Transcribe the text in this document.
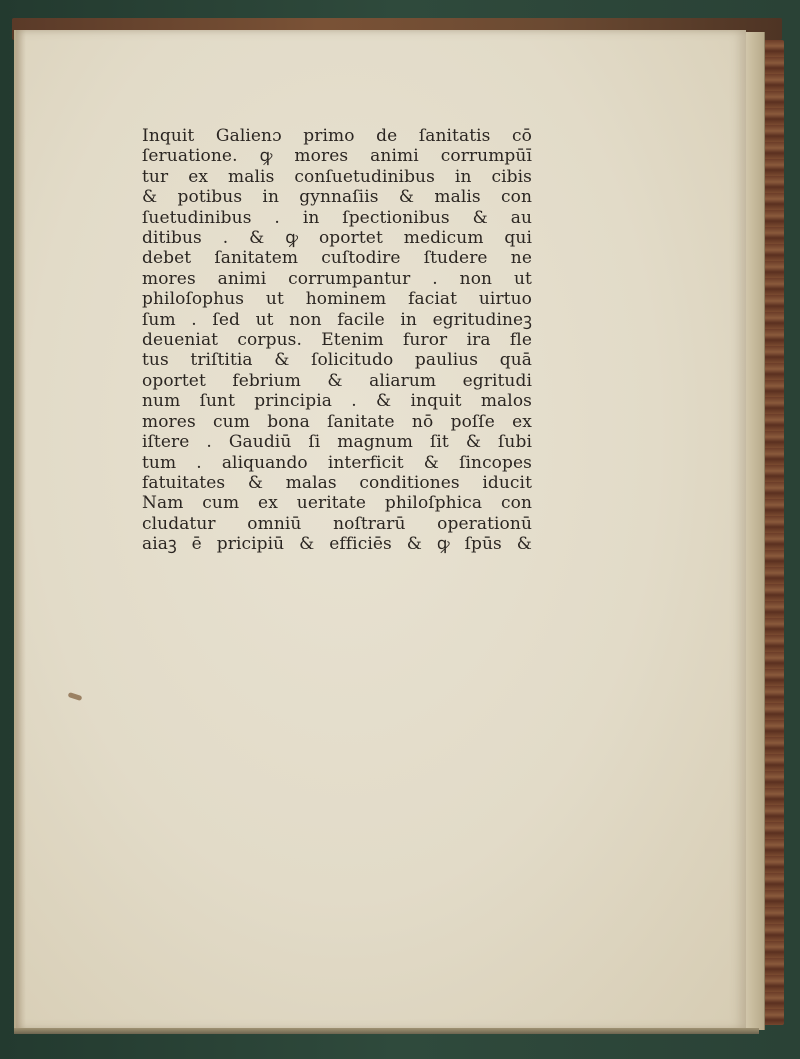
Inquit Galienɔ primo de ſanitatis cō
ſeruatione. ꝙ mores animi corrumpūī
tur ex malis conſuetudinibus in cibis
& potibus in gynnaſiis & malis con
ſuetudinibus . in ſpectionibus & au
ditibus . & ꝙ oportet medicum qui
debet ſanitatem cuſtodire ſtudere ne
mores animi corrumpantur . non ut
philoſophus ut hominem faciat uirtuo
ſum . ſed ut non facile in egritudineꝫ
deueniat corpus. Etenim furor ira fle
tus triſtitia & ſolicitudo paulius quā
oportet febrium & aliarum egritudi
num ſunt principia . & inquit malos
mores cum bona ſanitate nō poſſe ex
iſtere . Gaudiū ſi magnum ſit & ſubi
tum . aliquando interficit & ſincopes
fatuitates & malas conditiones iducit
Nam cum ex ueritate philoſphica con
cludatur omniū noſtrarū operationū
aiaꝫ ē pricipiū & efficiēs & ꝙ ſpūs &
